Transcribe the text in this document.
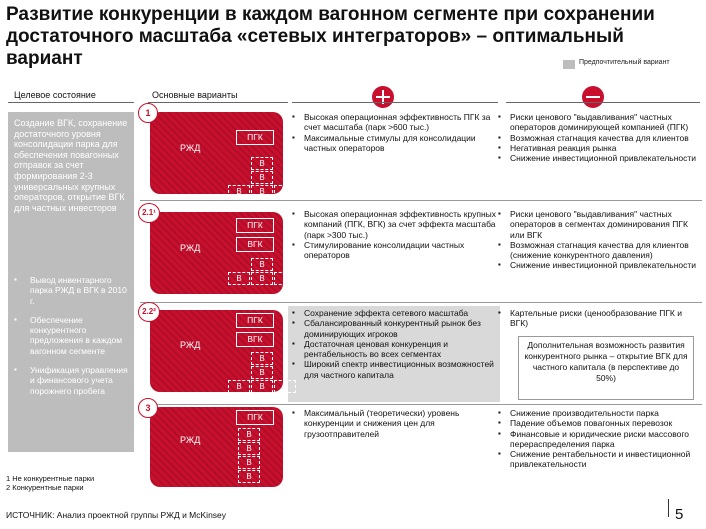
Развитие конкуренции в каждом вагонном сегменте при сохранении достаточного масштаба «сетевых интеграторов» – оптимальный вариант	Предпочтительный вариант
Целевое состояние	Основные варианты
Создание ВГК, сохранение достаточного уровня консолидации парка для обеспечения повагонных отправок за счет формирования 2-3 универсальных крупных операторов, открытие ВГК для частных инвесторов
▪ Вывод инвентарного парка РЖД в ВГК в 2010 г.
▪ Обеспечение конкурентного предложения в каждом вагонном сегменте
▪ Унификация управления и финансового учета порожнего пробега
1
РЖД
ПГК
В
В
В	В	В
▪ Высокая операционная эффективность ПГК за счет масштаба (парк >600 тыс.)
▪ Максимальные стимулы для консолидации частных операторов
▪ Риски ценового "выдавливания" частных операторов доминирующей компанией (ПГК)
▪ Возможная стагнация качества для клиентов
▪ Негативная реакция рынка
▪ Снижение инвестиционной привлекательности
2.1¹
РЖД
ПГК
ВГК
В
В	В	В
▪ Высокая операционная эффективность крупных компаний (ПГК, ВГК) за счет эффекта масштаба (парк >300 тыс.)
▪ Стимулирование консолидации частных операторов
▪ Риски ценового "выдавливания" частных операторов в сегментах доминирования ПГК или ВГК
▪ Возможная стагнация качества для клиентов (снижение конкурентного давления)
▪ Снижение инвестиционной привлекательности
2.2²
РЖД
ПГК
ВГК
В
В
В	В	В
▪ Сохранение эффекта сетевого масштаба
▪ Сбалансированный конкурентный рынок без доминирующих игроков
▪ Достаточная ценовая конкуренция и рентабельность во всех сегментах
▪ Широкий спектр инвестиционных возможностей для частного капитала
▪ Картельные риски (ценообразование ПГК и ВГК)
Дополнительная возможность развития конкурентного рынка – открытие ВГК для частного капитала (в перспективе до 50%)
3
РЖД
ПГК
В
В
В
В
▪ Максимальный (теоретически) уровень конкуренции и снижения цен для грузоотправителей
▪ Снижение производительности парка
▪ Падение объемов повагонных перевозок
▪ Финансовые и юридические риски массового перераспределения парка
▪ Снижение рентабельности и инвестиционной привлекательности
1 Не конкурентные парки
2 Конкурентные парки
ИСТОЧНИК: Анализ проектной группы РЖД и McKinsey	5
